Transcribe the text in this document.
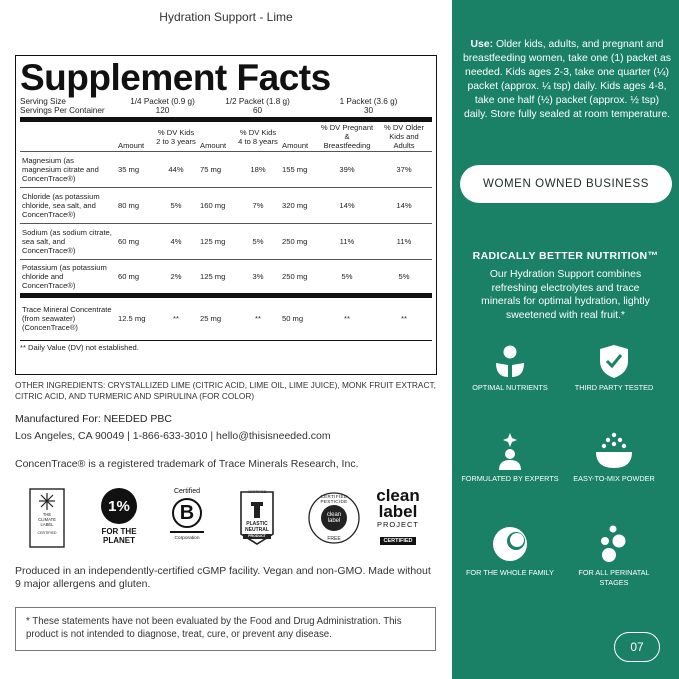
Hydration Support - Lime
Supplement Facts
Serving Size	1/4 Packet (0.9 g)	1/2 Packet (1.8 g)	1 Packet (3.6 g)
Servings Per Container	120	60	30
	Amount	% DV Kids 2 to 3 years	Amount	% DV Kids 4 to 8 years	Amount	% DV Pregnant & Breastfeeding	% DV Older Kids and Adults
Magnesium (as magnesium citrate and ConcenTrace®)	35 mg	44%	75 mg	18%	155 mg	39%	37%
Chloride (as potassium chloride, sea salt, and ConcenTrace®)	80 mg	5%	160 mg	7%	320 mg	14%	14%
Sodium (as sodium citrate, sea salt, and ConcenTrace®)	60 mg	4%	125 mg	5%	250 mg	11%	11%
Potassium (as potassium chloride and ConcenTrace®)	60 mg	2%	125 mg	3%	250 mg	5%	5%
Trace Mineral Concentrate (from seawater) (ConcenTrace®)	12.5 mg	**	25 mg	**	50 mg	**	**
** Daily Value (DV) not established.
OTHER INGREDIENTS: CRYSTALLIZED LIME (CITRIC ACID, LIME OIL, LIME JUICE), MONK FRUIT EXTRACT, CITRIC ACID, AND TURMERIC AND SPIRULINA (FOR COLOR)
Manufactured For: NEEDED PBC
Los Angeles, CA 90049 | 1-866-633-3010 | hello@thisisneeded.com
ConcenTrace® is a registered trademark of Trace Minerals Research, Inc.
THE
CLIMATE
LABEL
CERTIFIED
1%
FOR THE
PLANET
Certified
B
Corporation
CERTIFIED
PLASTIC
NEUTRAL
PRODUCT
CERTIFIED PESTICIDE
FREE
clean
label
clean
label
PROJECT
CERTIFIED
Produced in an independently-certified cGMP facility. Vegan and non-GMO. Made without 9 major allergens and gluten.
* These statements have not been evaluated by the Food and Drug Administration. This product is not intended to diagnose, treat, cure, or prevent any disease.
Use: Older kids, adults, and pregnant and breastfeeding women, take one (1) packet as needed. Kids ages 2-3, take one quarter (¼) packet (approx. ¼ tsp) daily. Kids ages 4-8, take one half (½) packet (approx. ½ tsp) daily. Store fully sealed at room temperature.
WOMEN OWNED BUSINESS
RADICALLY BETTER NUTRITION™
Our Hydration Support combines refreshing electrolytes and trace minerals for optimal hydration, lightly sweetened with real fruit.*
OPTIMAL NUTRIENTS	THIRD PARTY TESTED
FORMULATED BY EXPERTS	EASY-TO-MIX POWDER
FOR THE WHOLE FAMILY	FOR ALL PERINATAL STAGES
07
